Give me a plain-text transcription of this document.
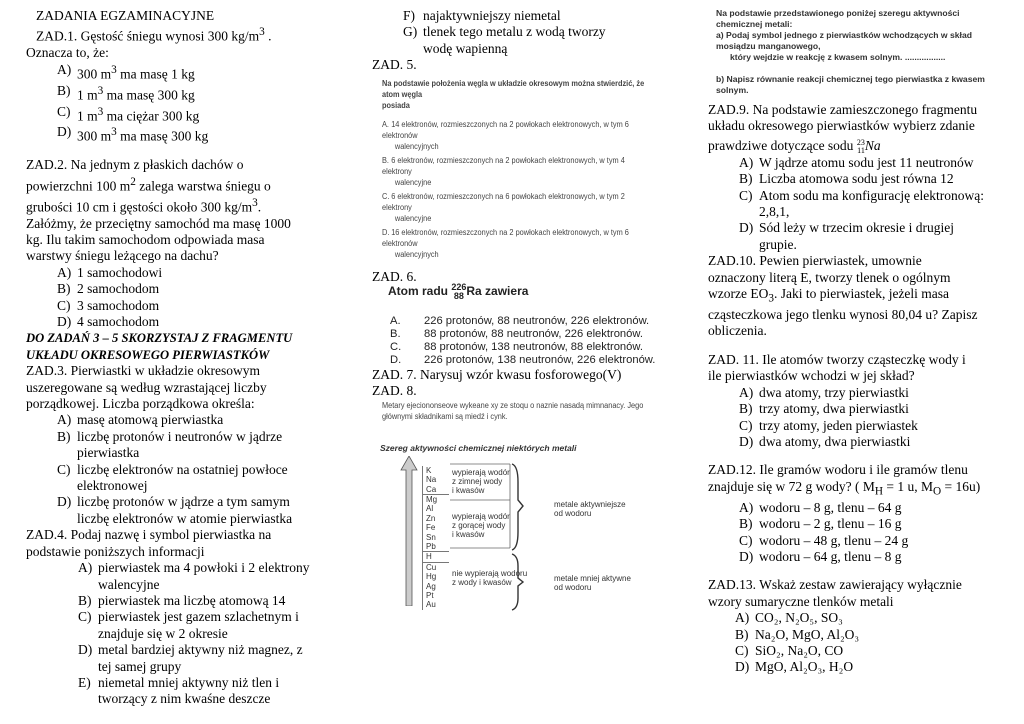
ZADANIA EGZAMINACYJNE

ZAD.1. Gęstość śniegu wynosi 300 $kg/m^3$ .

Oznacza to, że:

A) 300 $m^3$ ma masę 1 kg
B) 1 $m^3$ ma masę 300 kg
C) 1 $m^3$ ma ciężar 300 kg
D) 300 $m^3$ ma masę 300 kg

ZAD.2. Na jednym z płaskich dachów o

powierzchni 100 $m^2$ zalega warstwa śniegu o

grubości 10 cm i gęstości około 300 $kg/m^3$.

Załóżmy, że przeciętny samochód ma masę 1000

kg. Ilu takim samochodom odpowiada masa

warstwy śniegu leżącego na dachu?

A) 1 samochodowi
B) 2 samochodom
C) 3 samochodom
D) 4 samochodom

DO ZADAŃ 3 – 5 SKORZYSTAJ Z FRAGMENTU

UKŁADU OKRESOWEGO PIERWIASTKÓW

ZAD.3. Pierwiastki w układzie okresowym

uszeregowane są według wzrastającej liczby

porządkowej. Liczba porządkowa określa:

A) masę atomową pierwiastka
B) liczbę protonów i neutronów w jądrze
pierwiastka
C) liczbę elektronów na ostatniej powłoce
elektronowej
D) liczbę protonów w jądrze a tym samym
liczbę elektronów w atomie pierwiastka

ZAD.4. Podaj nazwę i symbol pierwiastka na

podstawie poniższych informacji

A) pierwiastek ma 4 powłoki i 2 elektrony
walencyjne
B) pierwiastek ma liczbę atomową 14
C) pierwiastek jest gazem szlachetnym i
znajduje się w 2 okresie
D) metal bardziej aktywny niż magnez, z
tej samej grupy
E) niemetal mniej aktywny niż tlen i
tworzący z nim kwaśne deszcze
F) najaktywniejszy niemetal
G) tlenek tego metalu z wodą tworzy
wodę wapienną

ZAD. 5.

Na podstawie położenia węgla w układzie okresowym można stwierdzić, że atom węgla
posiada
A. 14 elektronów, rozmieszczonych na 2 powłokach elektronowych, w tym 6 elektronów
walencyjnych
B. 6 elektronów, rozmieszczonych na 2 powłokach elektronowych, w tym 4 elektrony
walencyjne
C. 6 elektronów, rozmieszczonych na 6 powłokach elektronowych, w tym 2 elektrony
walencyjne
D. 16 elektronów, rozmieszczonych na 2 powłokach elektronowych, w tym 6 elektronów
walencyjnych

ZAD. 6.

Atom radu 226
88 Ra zawiera
A.	226 protonów, 88 neutronów, 226 elektronów.
B.	88 protonów, 88 neutronów, 226 elektronów.
C.	88 protonów, 138 neutronów, 88 elektronów.
D.	226 protonów, 138 neutronów, 226 elektronów.

ZAD. 7. Narysuj wzór kwasu fosforowego(V)

ZAD. 8.

Metary ejeciononseove wykeane xy ze stoqu o naznie nasadą mimnanacy. Jego
głównymi składnikami są miedź i cynk.
Szereg aktywności chemicznej niektórych metali
K
Na
Ca
Mg
Al
Zn
Fe
Sn
Pb
H
Cu
Hg
Ag
Pt
Au
wypierają wodór
z zimnej wody
i kwasów
wypierają wodór
z gorącej wody
i kwasów
nie wypierają wodoru
z wody i kwasów
metale aktywniejsze
od wodoru
metale mniej aktywne
od wodoru
Na podstawie przedstawionego poniżej szeregu aktywności chemicznej metali:
a) Podaj symbol jednego z pierwiastków wchodzących w skład mosiądzu manganowego,
który wejdzie w reakcję z kwasem solnym. .................
b) Napisz równanie reakcji chemicznej tego pierwiastka z kwasem solnym.

ZAD.9. Na podstawie zamieszczonego fragmentu

układu okresowego pierwiastków wybierz zdanie

prawdziwe dotyczące sodu 23
11Na

A) W jądrze atomu sodu jest 11 neutronów
B) Liczba atomowa sodu jest równa 12
C) Atom sodu ma konfigurację elektronową:
2,8,1,
D) Sód leży w trzecim okresie i drugiej
grupie.

ZAD.10. Pewien pierwiastek, umownie

oznaczony literą E, tworzy tlenek o ogólnym

wzorze $EO_3$. Jaki to pierwiastek, jeżeli masa

cząsteczkowa jego tlenku wynosi 80,04 u? Zapisz

obliczenia.

ZAD. 11. Ile atomów tworzy cząsteczkę wody i

ile pierwiastków wchodzi w jej skład?

A) dwa atomy, trzy pierwiastki
B) trzy atomy, dwa pierwiastki
C) trzy atomy, jeden pierwiastek
D) dwa atomy, dwa pierwiastki

ZAD.12. Ile gramów wodoru i ile gramów tlenu

znajduje się w 72 g wody? ( $M_H = 1$ u, $M_O = 16u$)

A) wodoru – 8 g, tlenu – 64 g
B) wodoru – 2 g, tlenu – 16 g
C) wodoru – 48 g, tlenu – 24 g
D) wodoru – 64 g, tlenu – 8 g

ZAD.13. Wskaż zestaw zawierający wyłącznie

wzory sumaryczne tlenków metali

A) CO₂, N₂O₅, SO₃
B) Na₂O, MgO, Al₂O₃
C) SiO₂, Na₂O, CO
D) MgO, Al₂O₃, H₂O
